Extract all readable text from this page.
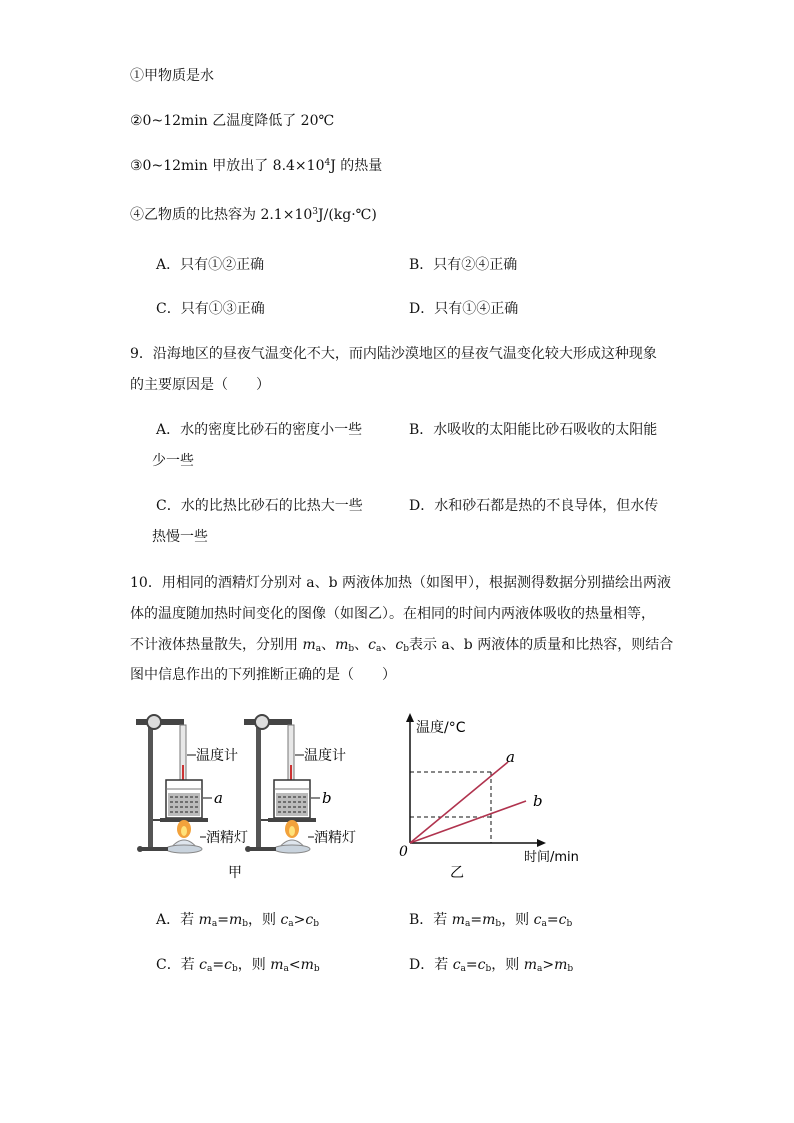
①甲物质是水
②0~12min 乙温度降低了 20℃
③0~12min 甲放出了 $8.4\times 10^4J$ 的热量
④乙物质的比热容为 $2.1\times 10^3J/(kg\cdot℃)$
A．只有①②正确	B．只有②④正确
C．只有①③正确	D．只有①④正确
9．沿海地区的昼夜气温变化不大，而内陆沙漠地区的昼夜气温变化较大形成这种现象
的主要原因是（　　）
A．水的密度比砂石的密度小一些	B．水吸收的太阳能比砂石吸收的太阳能
少一些
C．水的比热比砂石的比热大一些	D．水和砂石都是热的不良导体，但水传
热慢一些
10．用相同的酒精灯分别对 a、b 两液体加热（如图甲），根据测得数据分别描绘出两液
体的温度随加热时间变化的图像（如图乙）。在相同的时间内两液体吸收的热量相等，
不计液体热量散失，分别用 $m_a$、$m_b$、$c_a$、$c_b$表示 a、b 两液体的质量和比热容，则结合
图中信息作出的下列推断正确的是（　　）
温度计
a
酒精灯
甲
温度计
b
酒精灯
温度/°C
时间/min
0
a
b
乙
A．若 $m_a=m_b$，则 $c_a>c_b$	B．若 $m_a=m_b$，则 $c_a=c_b$
C．若 $c_a=c_b$，则 $m_a<m_b$	D．若 $c_a=c_b$，则 $m_a>m_b$
